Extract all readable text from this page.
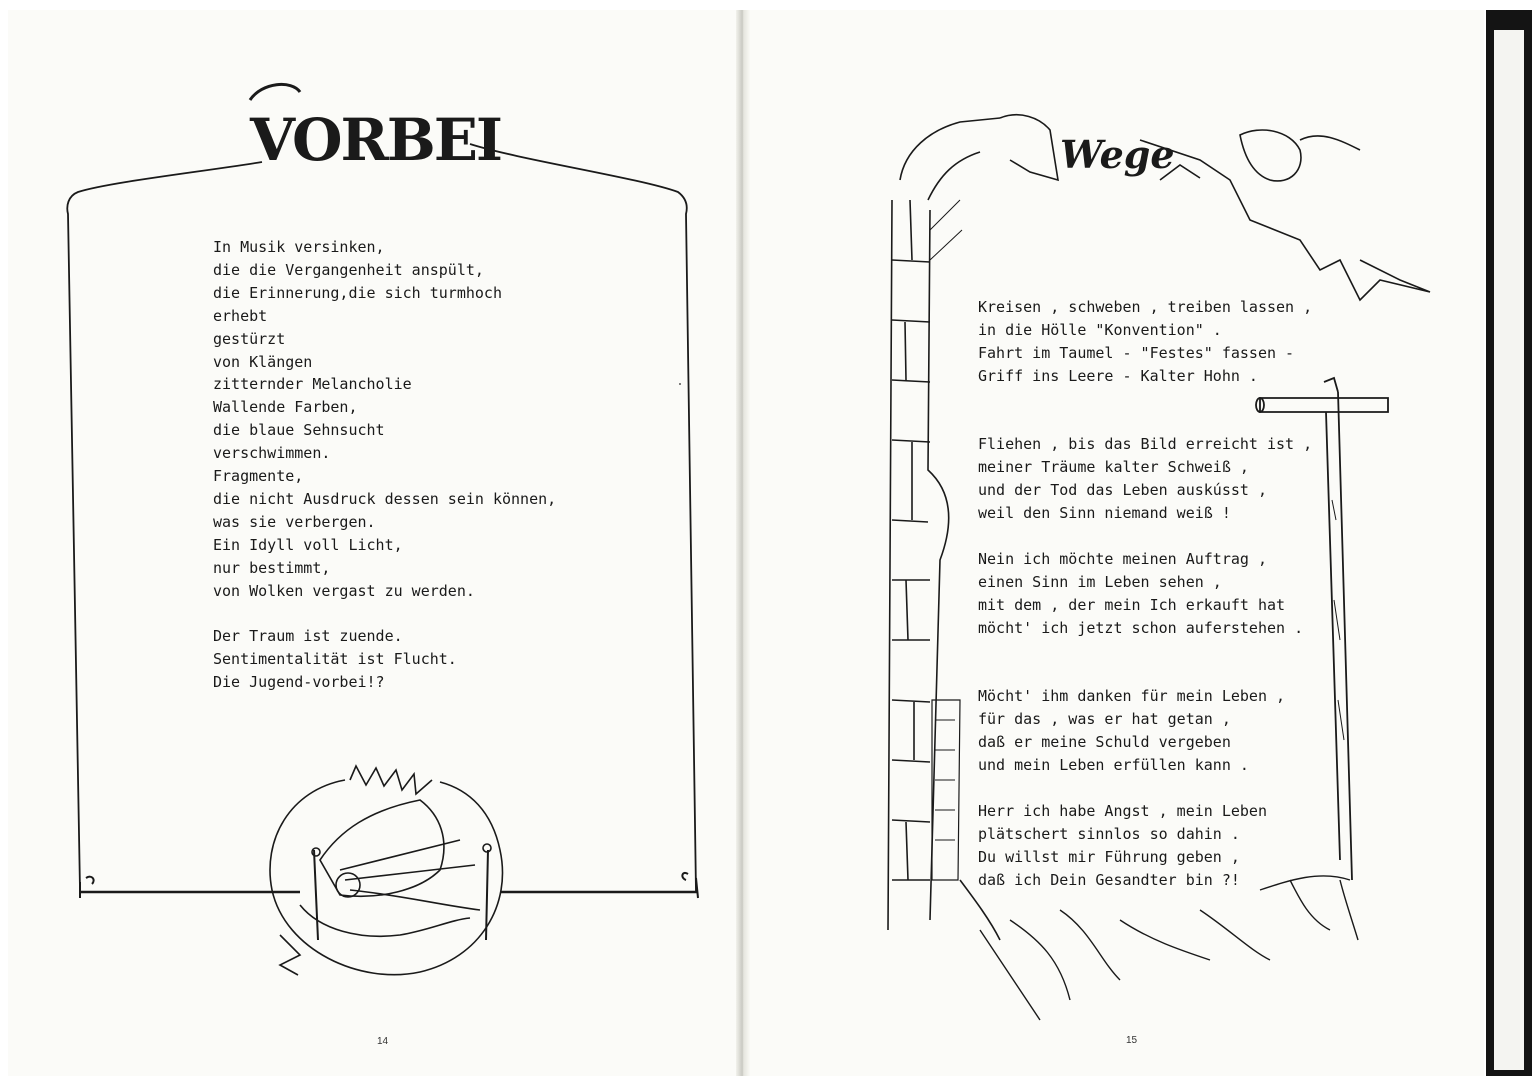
VORBEI	Wege
In Musik versinken,
die die Vergangenheit anspült,
die Erinnerung,die sich turmhoch
erhebt
gestürzt
von Klängen
zitternder Melancholie
Wallende Farben,
die blaue Sehnsucht
verschwimmen.
Fragmente,
die nicht Ausdruck dessen sein können,
was sie verbergen.
Ein Idyll voll Licht,
nur bestimmt,
von Wolken vergast zu werden.

Der Traum ist zuende.
Sentimentalität ist Flucht.
Die Jugend-vorbei!?
Kreisen , schweben , treiben lassen ,
in die Hölle "Konvention" .
Fahrt im Taumel - "Festes" fassen -
Griff ins Leere - Kalter Hohn .

Fliehen , bis das Bild erreicht ist ,
meiner Träume kalter Schweiß ,
und der Tod das Leben auskússt ,
weil den Sinn niemand weiß !

Nein ich möchte meinen Auftrag ,
einen Sinn im Leben sehen ,
mit dem , der mein Ich erkauft hat
möcht' ich jetzt schon auferstehen .

Möcht' ihm danken für mein Leben ,
für das , was er hat getan ,
daß er meine Schuld vergeben
und mein Leben erfüllen kann .

Herr ich habe Angst , mein Leben
plätschert sinnlos so dahin .
Du willst mir Führung geben ,
daß ich Dein Gesandter bin ?!
14	15
